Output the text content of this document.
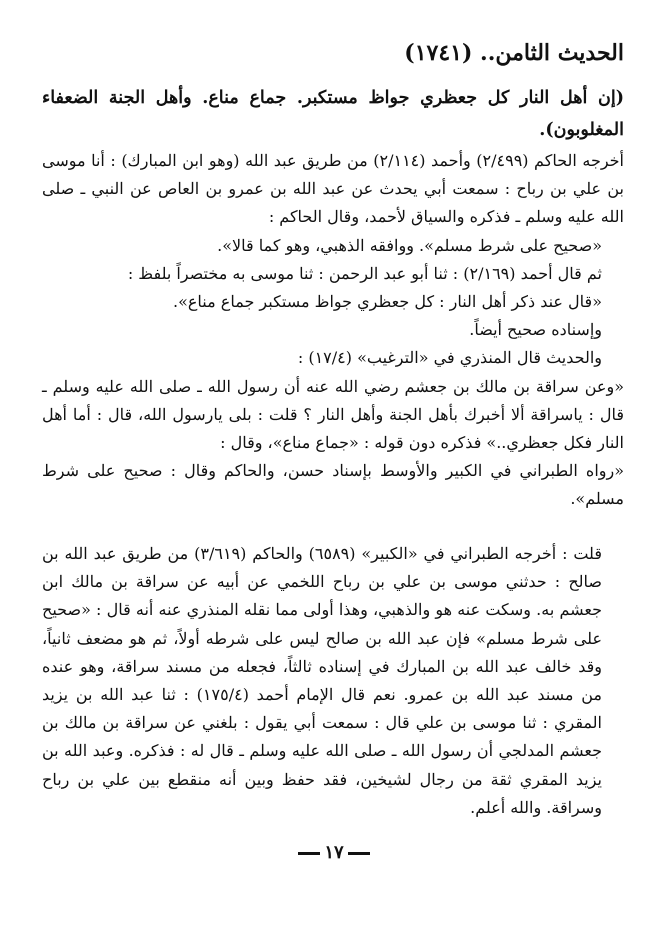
الحديث الثامن.. (١٧٤١)
(إن أهل النار كل جعظري جواظ مستكبر. جماع مناع. وأهل الجنة الضعفاء المغلوبون).

أخرجه الحاكم (٢/٤٩٩) وأحمد (٢/١١٤) من طريق عبد الله (وهو ابن المبارك) : أنا موسى بن علي بن رباح : سمعت أبي يحدث عن عبد الله بن عمرو بن العاص عن النبي ـ صلى الله عليه وسلم ـ فذكره والسياق لأحمد، وقال الحاكم :

«صحيح على شرط مسلم». ووافقه الذهبي، وهو كما قالا».

ثم قال أحمد (٢/١٦٩) : ثنا أبو عبد الرحمن : ثنا موسى به مختصراً بلفظ :

«قال عند ذكر أهل النار : كل جعظري جواظ مستكبر جماع مناع».

وإسناده صحيح أيضاً.

والحديث قال المنذري في «الترغيب» (١٧/٤) :

«وعن سراقة بن مالك بن جعشم رضي الله عنه أن رسول الله ـ صلى الله عليه وسلم ـ قال : ياسراقة ألا أخبرك بأهل الجنة وأهل النار ؟ قلت : بلى يارسول الله، قال : أما أهل النار فكل جعظري..» فذكره دون قوله : «جماع مناع»، وقال :

«رواه الطبراني في الكبير والأوسط بإسناد حسن، والحاكم وقال : صحيح على شرط مسلم».

قلت : أخرجه الطبراني في «الكبير» (٦٥٨٩) والحاكم (٣/٦١٩) من طريق عبد الله بن صالح : حدثني موسى بن علي بن رباح اللخمي عن أبيه عن سراقة بن مالك ابن جعشم به. وسكت عنه هو والذهبي، وهذا أولى مما نقله المنذري عنه أنه قال : «صحيح على شرط مسلم» فإن عبد الله بن صالح ليس على شرطه أولاً، ثم هو مضعف ثانياً، وقد خالف عبد الله بن المبارك في إسناده ثالثاً، فجعله من مسند سراقة، وهو عنده من مسند عبد الله بن عمرو. نعم قال الإمام أحمد (١٧٥/٤) : ثنا عبد الله بن يزيد المقري : ثنا موسى بن علي قال : سمعت أبي يقول : بلغني عن سراقة بن مالك بن جعشم المدلجي أن رسول الله ـ صلى الله عليه وسلم ـ قال له : فذكره. وعبد الله بن يزيد المقري ثقة من رجال لشيخين، فقد حفظ وبين أنه منقطع بين علي بن رباح وسراقة. والله أعلم.

١٧
